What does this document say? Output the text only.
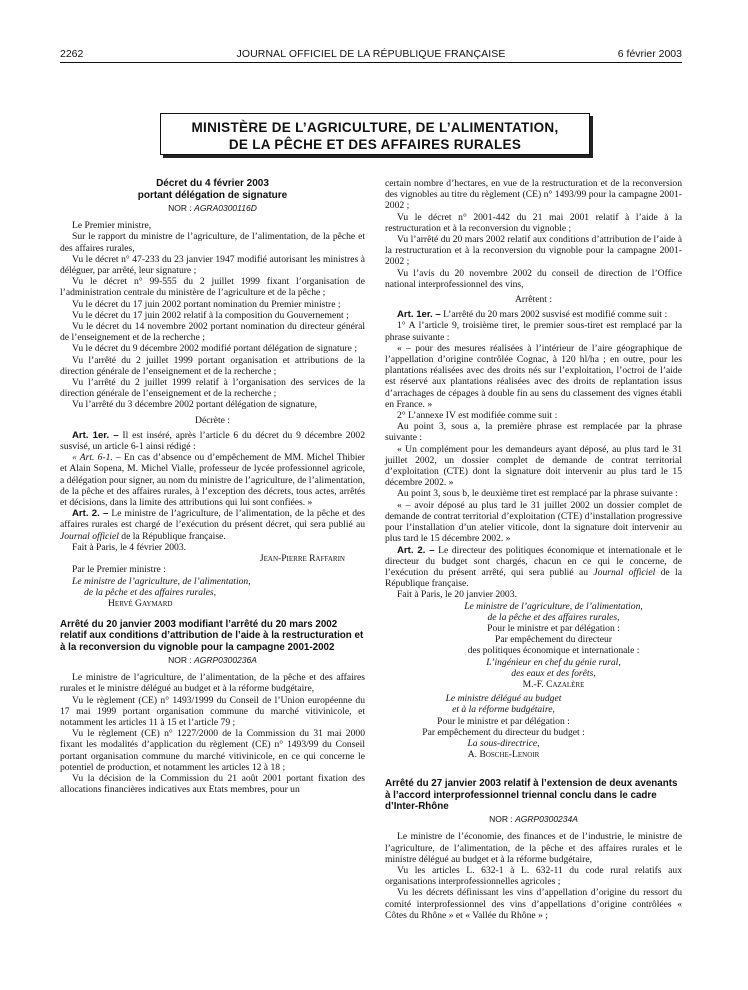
2262	JOURNAL OFFICIEL DE LA RÉPUBLIQUE FRANÇAISE	6 février 2003
MINISTÈRE DE L’AGRICULTURE, DE L’ALIMENTATION,
DE LA PÊCHE ET DES AFFAIRES RURALES
Décret du 4 février 2003
portant délégation de signature
NOR : AGRA0300116D

Le Premier ministre,

Sur le rapport du ministre de l’agriculture, de l’alimentation, de la pêche et des affaires rurales,

Vu le décret n° 47-233 du 23 janvier 1947 modifié autorisant les ministres à déléguer, par arrêté, leur signature ;

Vu le décret n° 99-555 du 2 juillet 1999 fixant l’organisation de l’administration centrale du ministère de l’agriculture et de la pêche ;

Vu le décret du 17 juin 2002 portant nomination du Premier ministre ;

Vu le décret du 17 juin 2002 relatif à la composition du Gouvernement ;

Vu le décret du 14 novembre 2002 portant nomination du directeur général de l’enseignement et de la recherche ;

Vu le décret du 9 décembre 2002 modifié portant délégation de signature ;

Vu l’arrêté du 2 juillet 1999 portant organisation et attributions de la direction générale de l’enseignement et de la recherche ;

Vu l’arrêté du 2 juillet 1999 relatif à l’organisation des services de la direction générale de l’enseignement et de la recherche ;

Vu l’arrêté du 3 décembre 2002 portant délégation de signature,

Décrète :

Art. 1er. – Il est inséré, après l’article 6 du décret du 9 décembre 2002 susvisé, un article 6-1 ainsi rédigé :

« Art. 6-1. – En cas d’absence ou d’empêchement de MM. Michel Thibier et Alain Sopena, M. Michel Vialle, professeur de lycée professionnel agricole, a délégation pour signer, au nom du ministre de l’agriculture, de l’alimentation, de la pêche et des affaires rurales, à l’exception des décrets, tous actes, arrêtés et décisions, dans la limite des attributions qui lui sont confiées. »

Art. 2. – Le ministre de l’agriculture, de l’alimentation, de la pêche et des affaires rurales est chargé de l’exécution du présent décret, qui sera publié au Journal officiel de la République française.

Fait à Paris, le 4 février 2003.

Jean-Pierre Raffarin

Par le Premier ministre :

Le ministre de l’agriculture, de l’alimentation,

de la pêche et des affaires rurales,

Hervé Gaymard

Arrêté du 20 janvier 2003 modifiant l’arrêté du 20 mars 2002 relatif aux conditions d’attribution de l’aide à la restructuration et à la reconversion du vignoble pour la campagne 2001-2002
NOR : AGRP0300236A

Le ministre de l’agriculture, de l’alimentation, de la pêche et des affaires rurales et le ministre délégué au budget et à la réforme budgétaire,

Vu le règlement (CE) n° 1493/1999 du Conseil de l’Union européenne du 17 mai 1999 portant organisation commune du marché vitivinicole, et notamment les articles 11 à 15 et l’article 79 ;

Vu le règlement (CE) n° 1227/2000 de la Commission du 31 mai 2000 fixant les modalités d’application du règlement (CE) n° 1493/99 du Conseil portant organisation commune du marché vitivinicole, en ce qui concerne le potentiel de production, et notamment les articles 12 à 18 ;

Vu la décision de la Commission du 21 août 2001 portant fixation des allocations financières indicatives aux Etats membres, pour un

certain nombre d’hectares, en vue de la restructuration et de la reconversion des vignobles au titre du règlement (CE) n° 1493/99 pour la campagne 2001-2002 ;

Vu le décret n° 2001-442 du 21 mai 2001 relatif à l’aide à la restructuration et à la reconversion du vignoble ;

Vu l’arrêté du 20 mars 2002 relatif aux conditions d’attribution de l’aide à la restructuration et à la reconversion du vignoble pour la campagne 2001-2002 ;

Vu l’avis du 20 novembre 2002 du conseil de direction de l’Office national interprofessionnel des vins,

Arrêtent :

Art. 1er. – L’arrêté du 20 mars 2002 susvisé est modifié comme suit :

1° A l’article 9, troisième tiret, le premier sous-tiret est remplacé par la phrase suivante :

« – pour des mesures réalisées à l’intérieur de l’aire géographique de l’appellation d’origine contrôlée Cognac, à 120 hl/ha ; en outre, pour les plantations réalisées avec des droits nés sur l’exploitation, l’octroi de l’aide est réservé aux plantations réalisées avec des droits de replantation issus d’arrachages de cépages à double fin au sens du classement des vignes établi en France. »

2° L’annexe IV est modifiée comme suit :

Au point 3, sous a, la première phrase est remplacée par la phrase suivante :

« Un complément pour les demandeurs ayant déposé, au plus tard le 31 juillet 2002, un dossier complet de demande de contrat territorial d’exploitation (CTE) dont la signature doit intervenir au plus tard le 15 décembre 2002. »

Au point 3, sous b, le deuxième tiret est remplacé par la phrase suivante :

« – avoir déposé au plus tard le 31 juillet 2002 un dossier complet de demande de contrat territorial d’exploitation (CTE) d’installation progressive pour l’installation d’un atelier viticole, dont la signature doit intervenir au plus tard le 15 décembre 2002. »

Art. 2. – Le directeur des politiques économique et internationale et le directeur du budget sont chargés, chacun en ce qui le concerne, de l’exécution du présent arrêté, qui sera publié au Journal officiel de la République française.

Fait à Paris, le 20 janvier 2003.

Le ministre de l’agriculture, de l’alimentation,
de la pêche et des affaires rurales,
Pour le ministre et par délégation :
Par empêchement du directeur
des politiques économique et internationale :
L’ingénieur en chef du génie rural,
des eaux et des forêts,
M.-F. Cazalère
Le ministre délégué au budget
et à la réforme budgétaire,
Pour le ministre et par délégation :
Par empêchement du directeur du budget :
La sous-directrice,
A. Bosche-Lenoir
Arrêté du 27 janvier 2003 relatif à l’extension de deux avenants à l’accord interprofessionnel triennal conclu dans le cadre d’Inter-Rhône
NOR : AGRP0300234A

Le ministre de l’économie, des finances et de l’industrie, le ministre de l’agriculture, de l’alimentation, de la pêche et des affaires rurales et le ministre délégué au budget et à la réforme budgétaire,

Vu les articles L. 632-1 à L. 632-11 du code rural relatifs aux organisations interprofessionnelles agricoles ;

Vu les décrets définissant les vins d’appellation d’origine du ressort du comité interprofessionnel des vins d’appellations d’origine contrôlées « Côtes du Rhône » et « Vallée du Rhône » ;
